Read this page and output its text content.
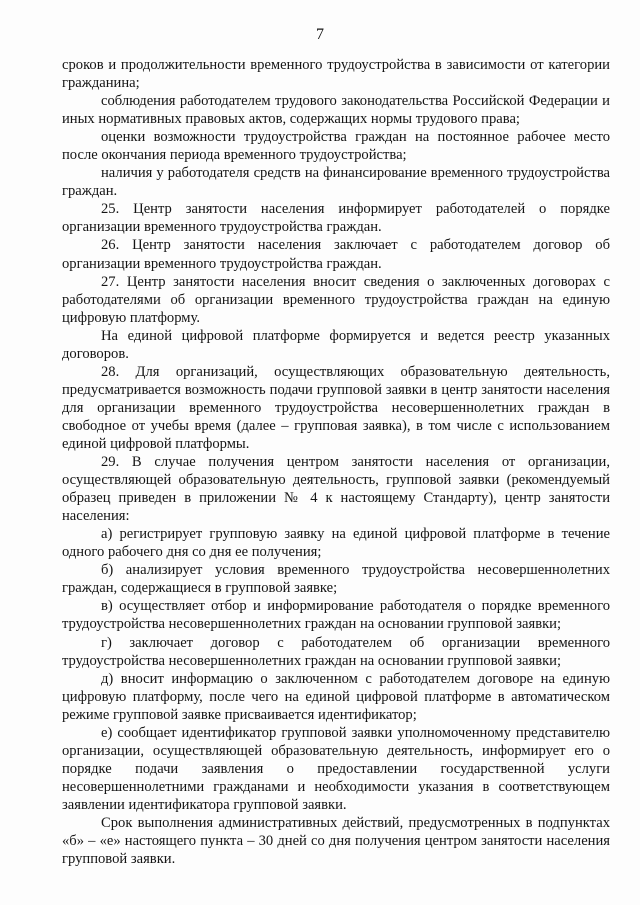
7

сроков и продолжительности временного трудоустройства в зависимости от категории гражданина;

соблюдения работодателем трудового законодательства Российской Федерации и иных нормативных правовых актов, содержащих нормы трудового права;

оценки возможности трудоустройства граждан на постоянное рабочее место после окончания периода временного трудоустройства;

наличия у работодателя средств на финансирование временного трудоустройства граждан.

25. Центр занятости населения информирует работодателей о порядке организации временного трудоустройства граждан.

26. Центр занятости населения заключает с работодателем договор об организации временного трудоустройства граждан.

27. Центр занятости населения вносит сведения о заключенных договорах с работодателями об организации временного трудоустройства граждан на единую цифровую платформу.

На единой цифровой платформе формируется и ведется реестр указанных договоров.

28. Для организаций, осуществляющих образовательную деятельность, предусматривается возможность подачи групповой заявки в центр занятости населения для организации временного трудоустройства несовершеннолетних граждан в свободное от учебы время (далее – групповая заявка), в том числе с использованием единой цифровой платформы.

29. В случае получения центром занятости населения от организации, осуществляющей образовательную деятельность, групповой заявки (рекомендуемый образец приведен в приложении № 4 к настоящему Стандарту), центр занятости населения:

а) регистрирует групповую заявку на единой цифровой платформе в течение одного рабочего дня со дня ее получения;

б) анализирует условия временного трудоустройства несовершеннолетних граждан, содержащиеся в групповой заявке;

в) осуществляет отбор и информирование работодателя о порядке временного трудоустройства несовершеннолетних граждан на основании групповой заявки;

г) заключает договор с работодателем об организации временного трудоустройства несовершеннолетних граждан на основании групповой заявки;

д) вносит информацию о заключенном с работодателем договоре на единую цифровую платформу, после чего на единой цифровой платформе в автоматическом режиме групповой заявке присваивается идентификатор;

е) сообщает идентификатор групповой заявки уполномоченному представителю организации, осуществляющей образовательную деятельность, информирует его о порядке подачи заявления о предоставлении государственной услуги несовершеннолетними гражданами и необходимости указания в соответствующем заявлении идентификатора групповой заявки.

Срок выполнения административных действий, предусмотренных в подпунктах «б» – «е» настоящего пункта – 30 дней со дня получения центром занятости населения групповой заявки.
